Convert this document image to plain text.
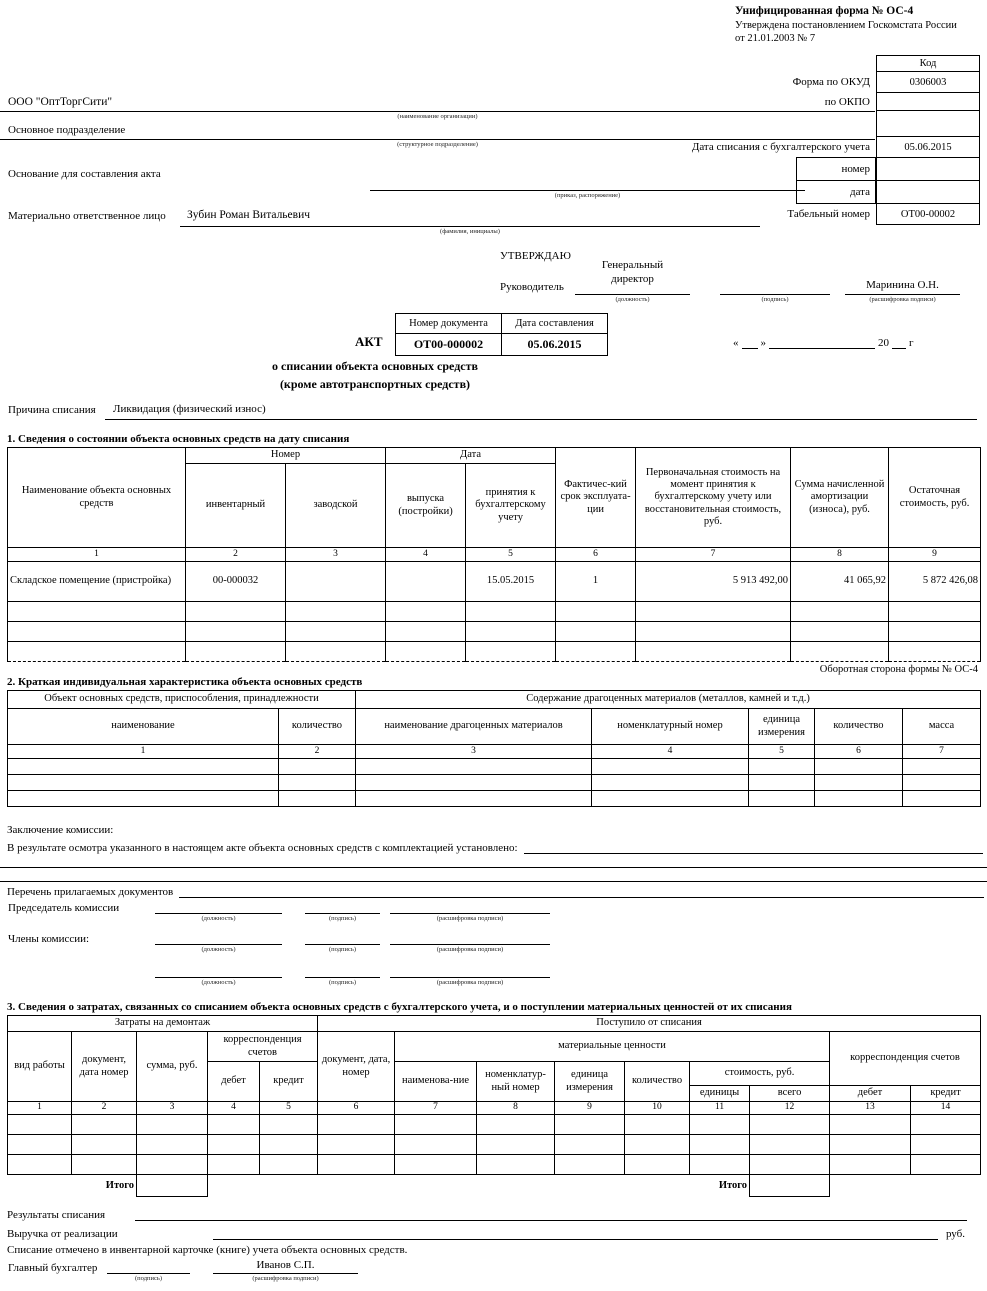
Унифицированная форма № ОС-4
Утверждена постановлением Госкомстата России
от 21.01.2003 № 7
Код
Форма по ОКУД	0306003
по ОКПО
Дата списания с бухгалтерского учета	05.06.2015
номер
дата
Табельный номер	ОТ00-00002
ООО "ОптТоргСити"
(наименование организации)
Основное подразделение
(структурное подразделение)
Основание для составления акта
(приказ, распоряжение)
Материально ответственное лицо Зубин Роман Витальевич
(фамилия, инициалы)
УТВЕРЖДАЮ
Руководитель
Генеральный
директор
(должность)	(подпись)
Маринина О.Н.
(расшифровка подписи)
АКТ
Номер документа	Дата составления
ОТ00-000002	05.06.2015	« »	20 г
о списании объекта основных средств
(кроме автотранспортных средств)
Причина списания Ликвидация (физический износ)
1. Сведения о состоянии объекта основных средств на дату списания
Наименование объекта основных средств	Номер		Дата		Фактичес-кий срок эксплуата-ции	Первоначальная стоимость на момент принятия к бухгалтерскому учету или восстановительная стоимость, руб.	Сумма начисленной амортизации (износа), руб.	Остаточная стоимость, руб.
	инвентарный	заводской	выпуска (постройки)	принятия к бухгалтерскому учету				
1	2	3	4	5	6	7	8	9
Складское помещение (пристройка)	00-000032			15.05.2015	1	5 913 492,00	41 065,92	5 872 426,08

Оборотная сторона формы № ОС-4
2. Краткая индивидуальная характеристика объекта основных средств
Объект основных средств, приспособления, принадлежности		Содержание драгоценных материалов (металлов, камней и т.д.)				
наименование	количество	наименование драгоценных материалов	номенклатурный номер	единица измерения	количество	масса
1	2	3	4	5	6	7

Заключение комиссии:
В результате осмотра указанного в настоящем акте объекта основных средств с комплектацией установлено:
Перечень прилагаемых документов
Председатель комиссии
(должность)	(подпись)	(расшифровка подписи)
Члены комиссии:
(должность)	(подпись)	(расшифровка подписи)
(должность)	(подпись)	(расшифровка подписи)
3. Сведения о затратах, связанных со списанием объекта основных средств с бухгалтерского учета, и о поступлении материальных ценностей от их списания
Затраты на демонтаж					Поступило от списания								
вид работы	документ, дата номер	сумма, руб.	корреспонденция счетов		документ, дата, номер	материальные ценности						корреспонденция счетов	
			дебет	кредит		наименова-ние	номенклатур-ный номер	единица измерения	количество	стоимость, руб.			
										единицы	всего	дебет	кредит
1	2	3	4	5	6	7	8	9	10	11	12	13	14

	Итого									Итого			
Результаты списания
Выручка от реализации	руб.
Списание отмечено в инвентарной карточке (книге) учета объекта основных средств.
Главный бухгалтер
(подпись)
Иванов С.П.
(расшифровка подписи)
